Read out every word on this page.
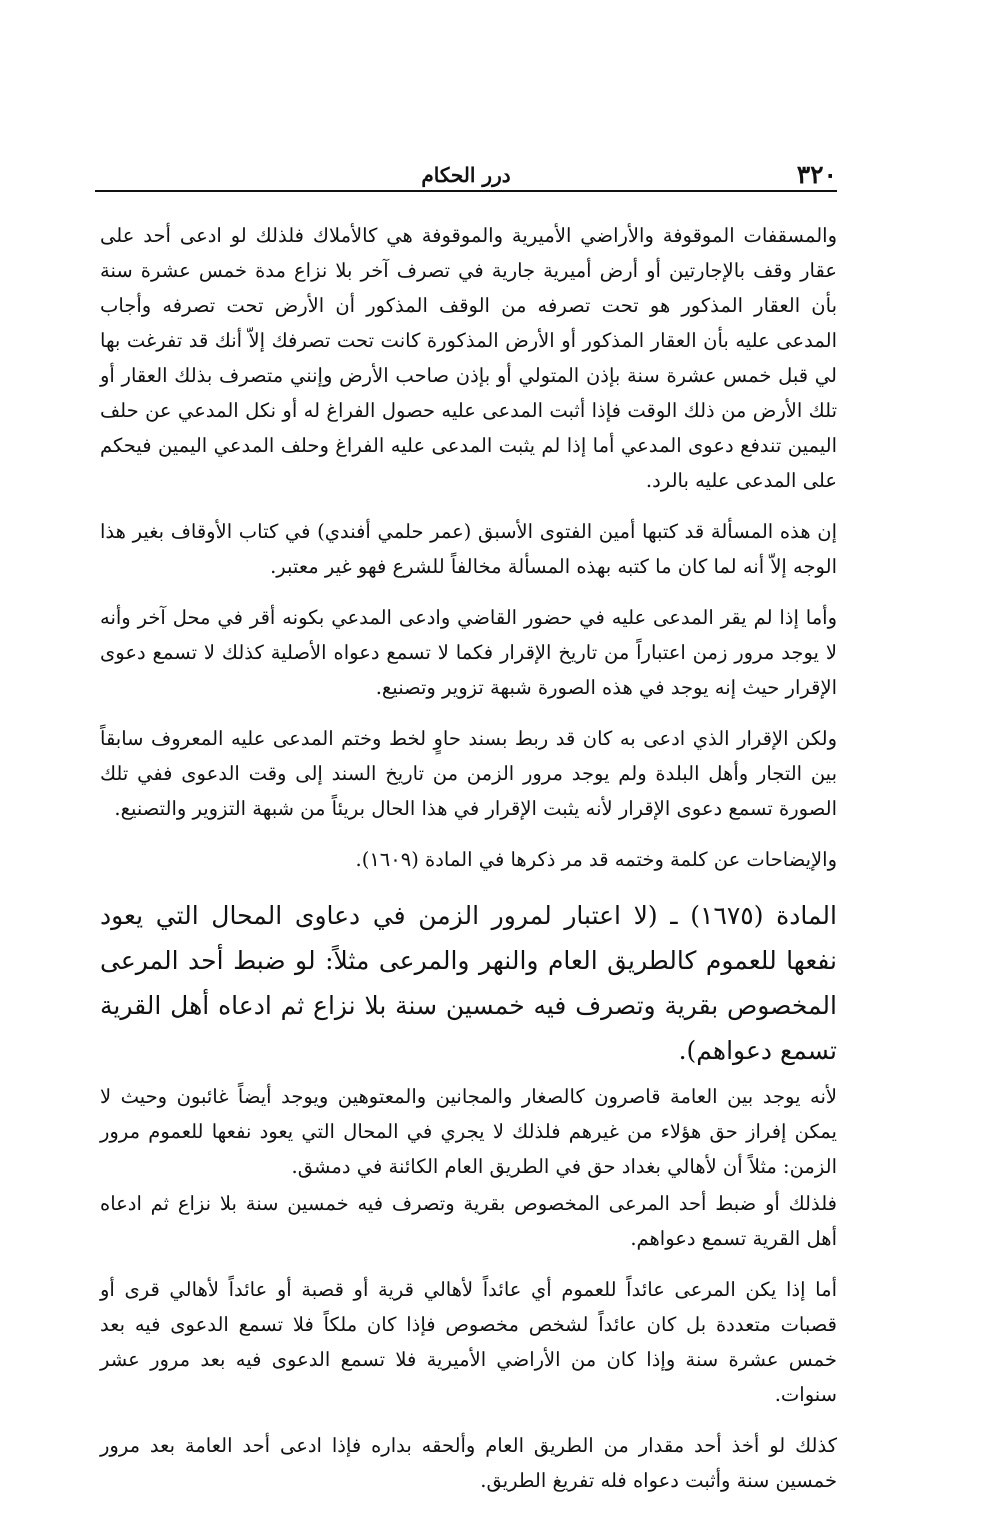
٣٢٠
درر الحكام

والمسقفات الموقوفة والأراضي الأميرية والموقوفة هي كالأملاك فلذلك لو ادعى أحد على عقار وقف بالإجارتين أو أرض أميرية جارية في تصرف آخر بلا نزاع مدة خمس عشرة سنة بأن العقار المذكور هو تحت تصرفه من الوقف المذكور أن الأرض تحت تصرفه وأجاب المدعى عليه بأن العقار المذكور أو الأرض المذكورة كانت تحت تصرفك إلاّ أنك قد تفرغت بها لي قبل خمس عشرة سنة بإذن المتولي أو بإذن صاحب الأرض وإنني متصرف بذلك العقار أو تلك الأرض من ذلك الوقت فإذا أثبت المدعى عليه حصول الفراغ له أو نكل المدعي عن حلف اليمين تندفع دعوى المدعي أما إذا لم يثبت المدعى عليه الفراغ وحلف المدعي اليمين فيحكم على المدعى عليه بالرد.

إن هذه المسألة قد كتبها أمين الفتوى الأسبق (عمر حلمي أفندي) في كتاب الأوقاف بغير هذا الوجه إلاّ أنه لما كان ما كتبه بهذه المسألة مخالفاً للشرع فهو غير معتبر.

وأما إذا لم يقر المدعى عليه في حضور القاضي وادعى المدعي بكونه أقر في محل آخر وأنه لا يوجد مرور زمن اعتباراً من تاريخ الإقرار فكما لا تسمع دعواه الأصلية كذلك لا تسمع دعوى الإقرار حيث إنه يوجد في هذه الصورة شبهة تزوير وتصنيع.

ولكن الإقرار الذي ادعى به كان قد ربط بسند حاوٍ لخط وختم المدعى عليه المعروف سابقاً بين التجار وأهل البلدة ولم يوجد مرور الزمن من تاريخ السند إلى وقت الدعوى ففي تلك الصورة تسمع دعوى الإقرار لأنه يثبت الإقرار في هذا الحال بريئاً من شبهة التزوير والتصنيع.

والإيضاحات عن كلمة وختمه قد مر ذكرها في المادة (١٦٠٩).

المادة (١٦٧٥) ـ (لا اعتبار لمرور الزمن في دعاوى المحال التي يعود نفعها للعموم كالطريق العام والنهر والمرعى مثلاً: لو ضبط أحد المرعى المخصوص بقرية وتصرف فيه خمسين سنة بلا نزاع ثم ادعاه أهل القرية تسمع دعواهم).

لأنه يوجد بين العامة قاصرون كالصغار والمجانين والمعتوهين ويوجد أيضاً غائبون وحيث لا يمكن إفراز حق هؤلاء من غيرهم فلذلك لا يجري في المحال التي يعود نفعها للعموم مرور الزمن: مثلاً أن لأهالي بغداد حق في الطريق العام الكائنة في دمشق.

فلذلك أو ضبط أحد المرعى المخصوص بقرية وتصرف فيه خمسين سنة بلا نزاع ثم ادعاه أهل القرية تسمع دعواهم.

أما إذا يكن المرعى عائداً للعموم أي عائداً لأهالي قرية أو قصبة أو عائداً لأهالي قرى أو قصبات متعددة بل كان عائداً لشخص مخصوص فإذا كان ملكاً فلا تسمع الدعوى فيه بعد خمس عشرة سنة وإذا كان من الأراضي الأميرية فلا تسمع الدعوى فيه بعد مرور عشر سنوات.

كذلك لو أخذ أحد مقدار من الطريق العام وألحقه بداره فإذا ادعى أحد العامة بعد مرور خمسين سنة وأثبت دعواه فله تفريغ الطريق.
